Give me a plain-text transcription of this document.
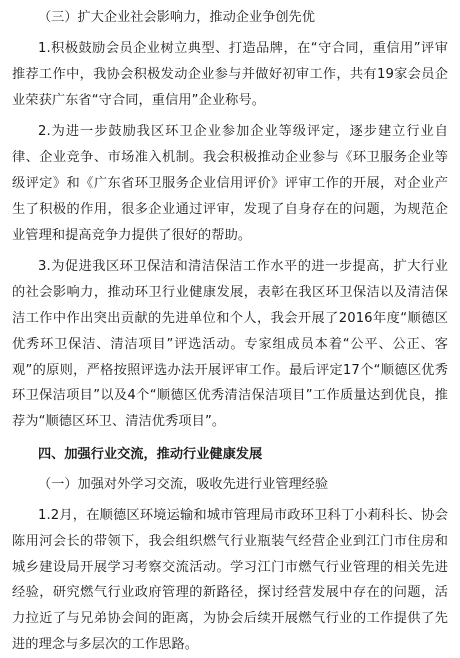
（三）扩大企业社会影响力，推动企业争创先优

1.积极鼓励会员企业树立典型、打造品牌，在“守合同，重信用”评审推荐工作中，我协会积极发动企业参与并做好初审工作，共有19家会员企业荣获广东省“守合同，重信用”企业称号。

2.为进一步鼓励我区环卫企业参加企业等级评定，逐步建立行业自律、企业竞争、市场准入机制。我会积极推动企业参与《环卫服务企业等级评定》和《广东省环卫服务企业信用评价》评审工作的开展，对企业产生了积极的作用，很多企业通过评审，发现了自身存在的问题，为规范企业管理和提高竞争力提供了很好的帮助。

3.为促进我区环卫保洁和清洁保洁工作水平的进一步提高，扩大行业的社会影响力，推动环卫行业健康发展，表彰在我区环卫保洁以及清洁保洁工作中作出突出贡献的先进单位和个人，我会开展了2016年度“顺德区优秀环卫保洁、清洁项目”评选活动。专家组成员本着“公平、公正、客观”的原则，严格按照评选办法开展评审工作。最后评定17个“顺德区优秀环卫保洁项目”以及4个“顺德区优秀清洁保洁项目”工作质量达到优良，推荐为“顺德区环卫、清洁优秀项目”。

四、加强行业交流，推动行业健康发展
（一）加强对外学习交流，吸收先进行业管理经验

1.2月，在顺德区环境运输和城市管理局市政环卫科丁小莉科长、协会陈用河会长的带领下，我会组织燃气行业瓶装气经营企业到江门市住房和城乡建设局开展学习考察交流活动。学习江门市燃气行业管理的相关先进经验，研究燃气行业政府管理的新路径，探讨经营发展中存在的问题，活力拉近了与兄弟协会间的距离，为协会后续开展燃气行业的工作提供了先进的理念与多层次的工作思路。
